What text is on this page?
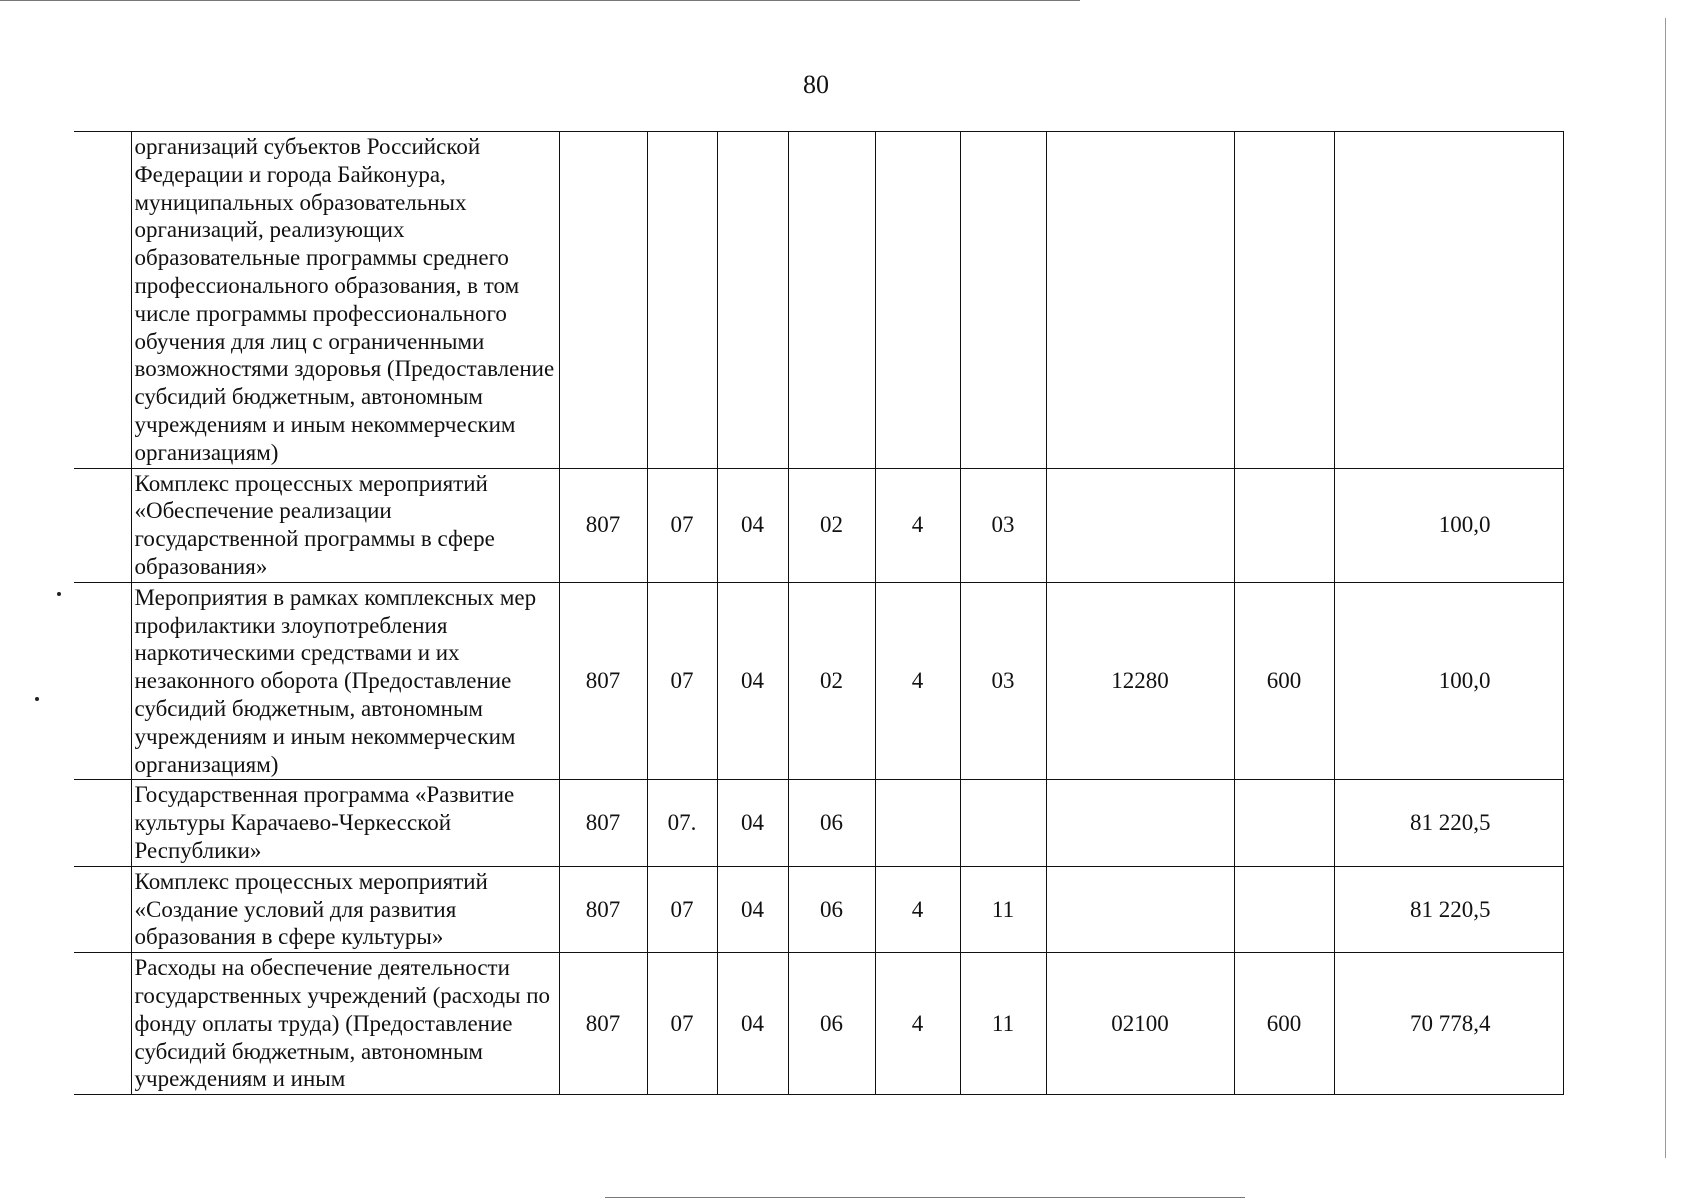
80
	организаций субъектов Российской Федерации и города Байконура, муниципальных образовательных организаций, реализующих образовательные программы среднего профессионального образования, в том числе программы профессионального обучения для лиц с ограниченными возможностями здоровья (Предоставление субсидий бюджетным, автономным учреждениям и иным некоммерческим организациям)									
	Комплекс процессных мероприятий «Обеспечение реализации государственной программы в сфере образования»	807	07	04	02	4	03			100,0
	Мероприятия в рамках комплексных мер профилактики злоупотребления наркотическими средствами и их незаконного оборота (Предоставление субсидий бюджетным, автономным учреждениям и иным некоммерческим организациям)	807	07	04	02	4	03	12280	600	100,0
	Государственная программа «Развитие культуры Карачаево-Черкесской Республики»	807	07.	04	06					81 220,5
	Комплекс процессных мероприятий «Создание условий для развития образования в сфере культуры»	807	07	04	06	4	11			81 220,5
	Расходы на обеспечение деятельности государственных учреждений (расходы по фонду оплаты труда) (Предоставление субсидий бюджетным, автономным учреждениям и иным	807	07	04	06	4	11	02100	600	70 778,4
